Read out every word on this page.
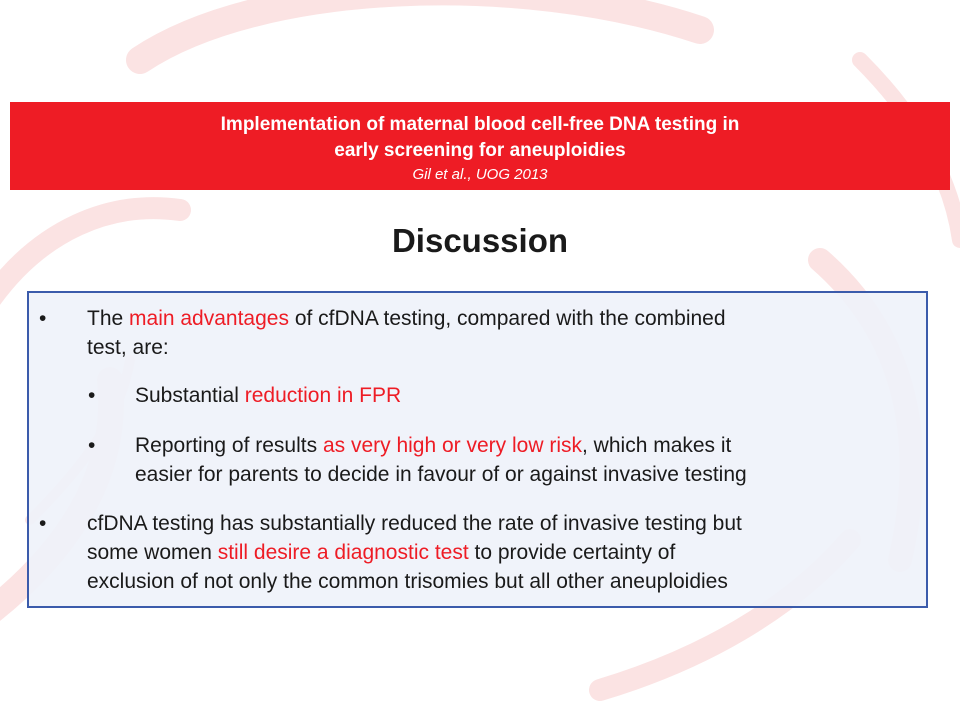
Implementation of maternal blood cell-free DNA testing in
early screening for aneuploidies
Gil et al., UOG 2013
Discussion
• The main advantages of cfDNA testing, compared with the combined
test, are:
• Substantial reduction in FPR
• Reporting of results as very high or very low risk, which makes it
easier for parents to decide in favour of or against invasive testing
• cfDNA testing has substantially reduced the rate of invasive testing but
some women still desire a diagnostic test to provide certainty of
exclusion of not only the common trisomies but all other aneuploidies
